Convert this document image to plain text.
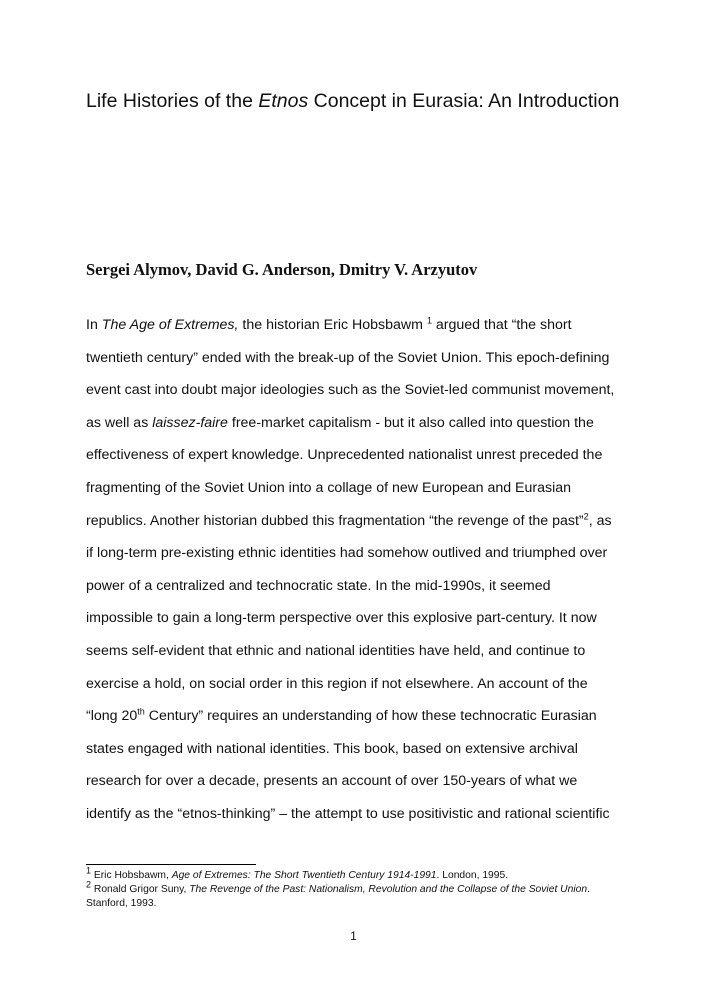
Life Histories of the Etnos Concept in Eurasia: An Introduction
Sergei Alymov, David G. Anderson, Dmitry V. Arzyutov
In The Age of Extremes, the historian Eric Hobsbawm $^1$ argued that “the short
twentieth century” ended with the break-up of the Soviet Union. This epoch-defining
event cast into doubt major ideologies such as the Soviet-led communist movement,
as well as laissez-faire free-market capitalism - but it also called into question the
effectiveness of expert knowledge. Unprecedented nationalist unrest preceded the
fragmenting of the Soviet Union into a collage of new European and Eurasian
republics. Another historian dubbed this fragmentation “the revenge of the past”$^2$, as
if long-term pre-existing ethnic identities had somehow outlived and triumphed over
power of a centralized and technocratic state. In the mid-1990s, it seemed
impossible to gain a long-term perspective over this explosive part-century. It now
seems self-evident that ethnic and national identities have held, and continue to
exercise a hold, on social order in this region if not elsewhere. An account of the
“long 20th Century” requires an understanding of how these technocratic Eurasian
states engaged with national identities. This book, based on extensive archival
research for over a decade, presents an account of over 150-years of what we
identify as the “etnos-thinking” – the attempt to use positivistic and rational scientific
$^1$ Eric Hobsbawm, Age of Extremes: The Short Twentieth Century 1914-1991. London, 1995.
$^2$ Ronald Grigor Suny, The Revenge of the Past: Nationalism, Revolution and the Collapse of the Soviet Union.
Stanford, 1993.
1
